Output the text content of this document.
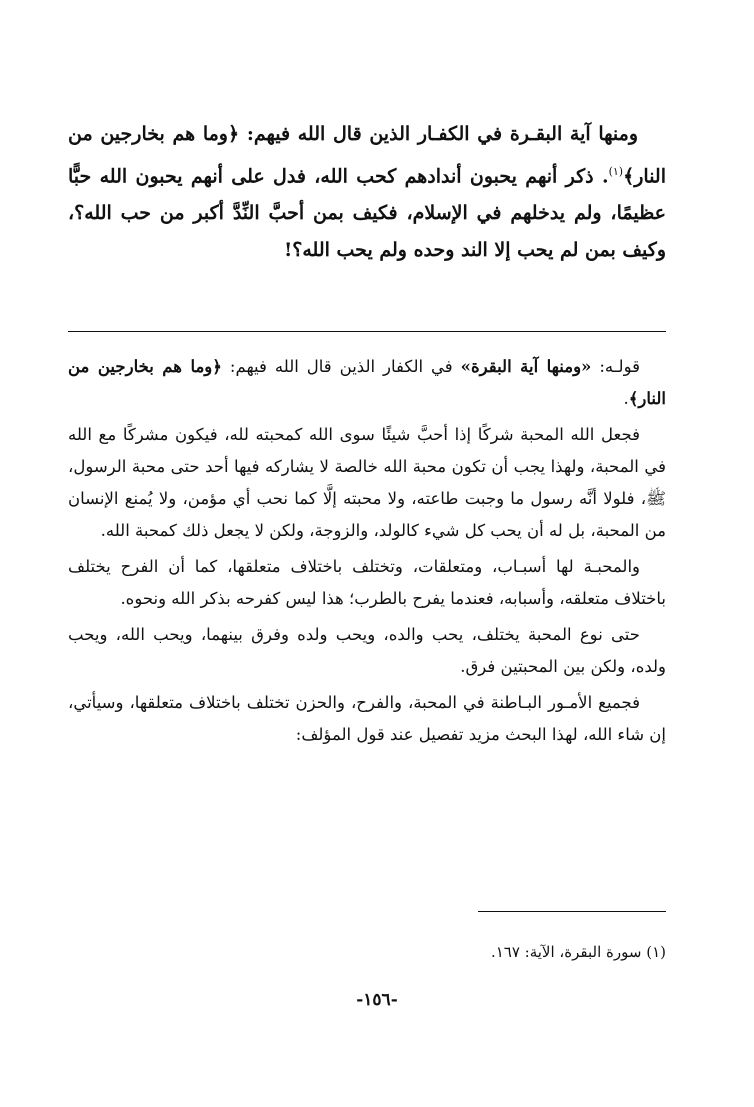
ومنها آية البقـرة في الكفـار الذين قال الله فيهم: ﴿وما هم بخارجين من النار﴾$^{(١)}$. ذكر أنهم يحبون أندادهم كحب الله، فدل على أنهم يحبون الله حبًّا عظيمًا، ولم يدخلهم في الإسلام، فكيف بمن أحبَّ النِّدَّ أكبر من حب الله؟، وكيف بمن لم يحب إلا الند وحده ولم يحب الله؟!

قولـه: «ومنها آية البقرة» في الكفار الذين قال الله فيهم: ﴿وما هم بخارجين من النار﴾.

فجعل الله المحبة شركًا إذا أحبَّ شيئًا سوى الله كمحبته لله، فيكون مشركًا مع الله في المحبة، ولهذا يجب أن تكون محبة الله خالصة لا يشاركه فيها أحد حتى محبة الرسول، ﷺ، فلولا أنَّه رسول ما وجبت طاعته، ولا محبته إلَّا كما نحب أي مؤمن، ولا يُمنع الإنسان من المحبة، بل له أن يحب كل شيء كالولد، والزوجة، ولكن لا يجعل ذلك كمحبة الله.

والمحبـة لها أسبـاب، ومتعلقات، وتختلف باختلاف متعلقها، كما أن الفرح يختلف باختلاف متعلقه، وأسبابه، فعندما يفرح بالطرب؛ هذا ليس كفرحه بذكر الله ونحوه.

حتى نوع المحبة يختلف، يحب والده، ويحب ولده وفرق بينهما، ويحب الله، ويحب ولده، ولكن بين المحبتين فرق.

فجميع الأمـور البـاطنة في المحبة، والفرح، والحزن تختلف باختلاف متعلقها، وسيأتي، إن شاء الله، لهذا البحث مزيد تفصيل عند قول المؤلف:

(١) سورة البقرة، الآية: ١٦٧.
-١٥٦-
